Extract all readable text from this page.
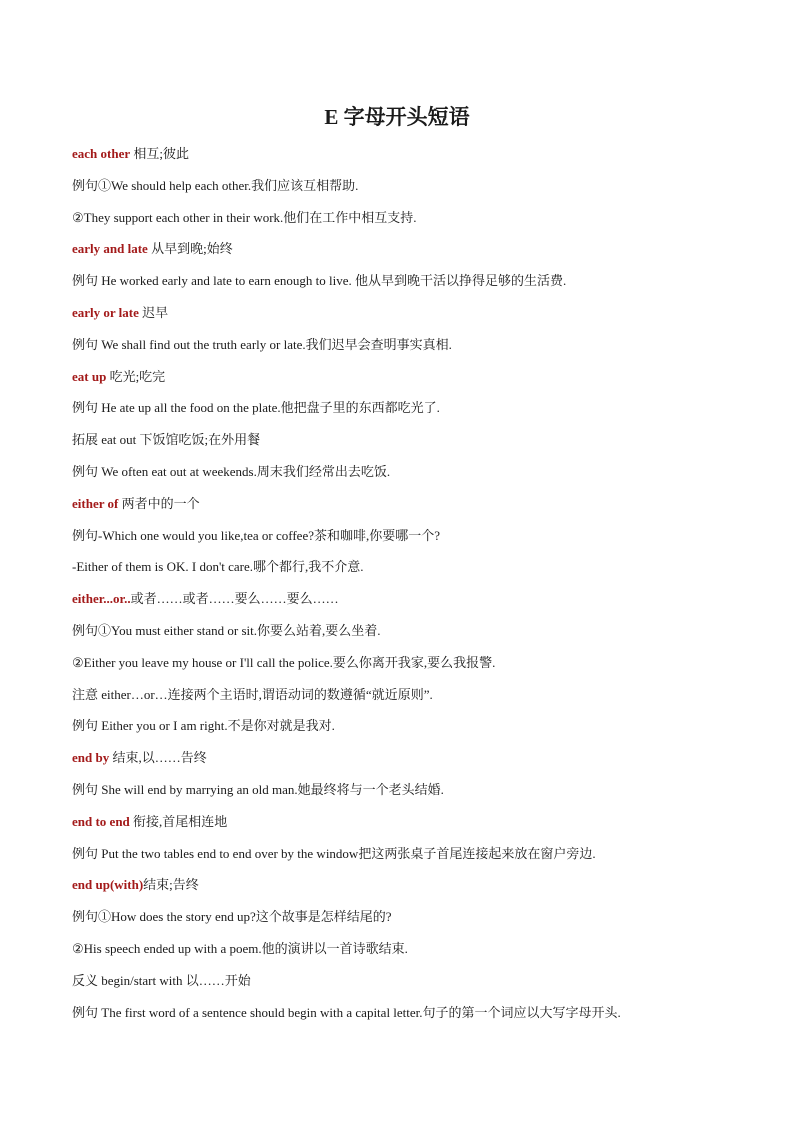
E 字母开头短语
each other 相互;彼此
例句①We should help each other.我们应该互相帮助.
②They support each other in their work.他们在工作中相互支持.
early and late 从早到晚;始终
例句 He worked early and late to earn enough to live. 他从早到晚干活以挣得足够的生活费.
early or late 迟早
例句 We shall find out the truth early or late.我们迟早会查明事实真相.
eat up 吃光;吃完
例句 He ate up all the food on the plate.他把盘子里的东西都吃光了.
拓展 eat out 下饭馆吃饭;在外用餐
例句 We often eat out at weekends.周末我们经常出去吃饭.
either of 两者中的一个
例句-Which one would you like,tea or coffee?茶和咖啡,你要哪一个?
-Either of them is OK. I don't care.哪个都行,我不介意.
either...or..或者……或者……要么……要么……
例句①You must either stand or sit.你要么站着,要么坐着.
②Either you leave my house or I'll call the police.要么你离开我家,要么我报警.
注意 either…or…连接两个主语时,谓语动词的数遵循“就近原则”.
例句 Either you or I am right.不是你对就是我对.
end by 结束,以……告终
例句 She will end by marrying an old man.她最终将与一个老头结婚.
end to end 衔接,首尾相连地
例句 Put the two tables end to end over by the window把这两张桌子首尾连接起来放在窗户旁边.
end up(with)结束;告终
例句①How does the story end up?这个故事是怎样结尾的?
②His speech ended up with a poem.他的演讲以一首诗歌结束.
反义 begin/start with 以……开始
例句 The first word of a sentence should begin with a capital letter.句子的第一个词应以大写字母开头.
